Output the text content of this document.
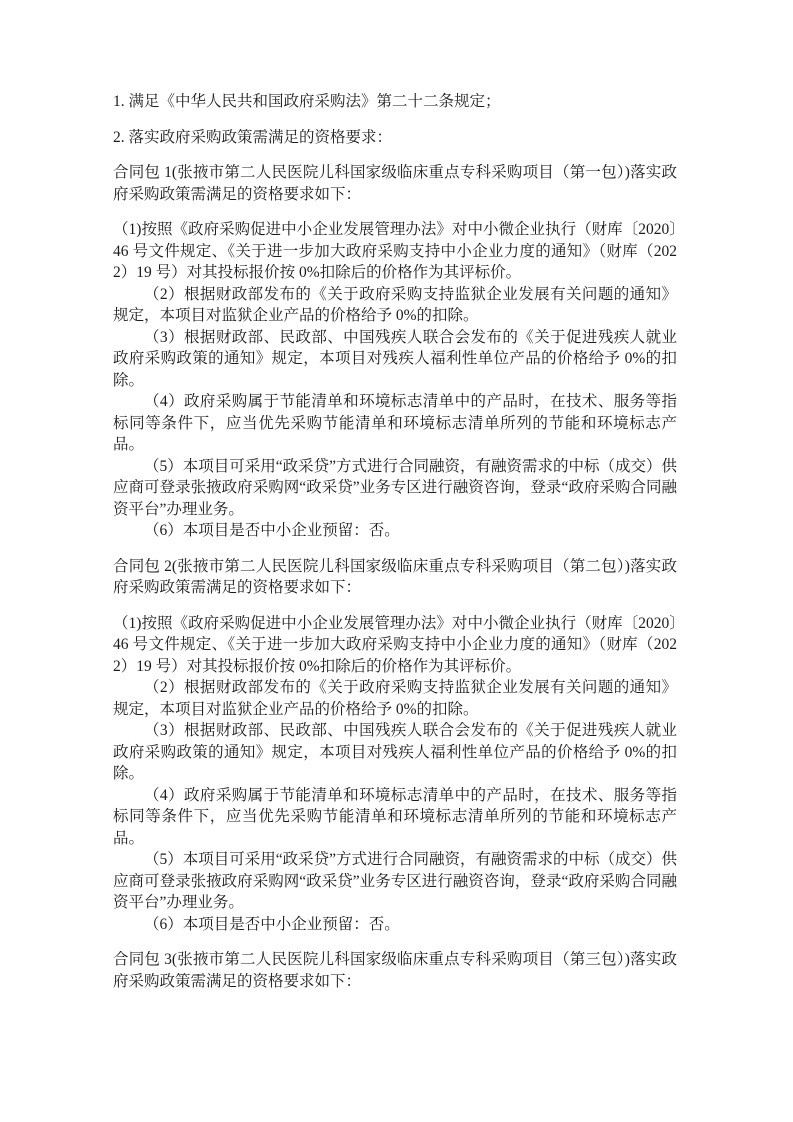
1. 满足《中华人民共和国政府采购法》第二十二条规定；

2. 落实政府采购政策需满足的资格要求：

合同包 1(张掖市第二人民医院儿科国家级临床重点专科采购项目（第一包）)落实政府采购政策需满足的资格要求如下：

（1)按照《政府采购促进中小企业发展管理办法》对中小微企业执行（财库〔2020〕46 号文件规定、《关于进一步加大政府采购支持中小企业力度的通知》（财库（2022）19 号）对其投标报价按 0%扣除后的价格作为其评标价。

（2）根据财政部发布的《关于政府采购支持监狱企业发展有关问题的通知》规定，本项目对监狱企业产品的价格给予 0%的扣除。

（3）根据财政部、民政部、中国残疾人联合会发布的《关于促进残疾人就业政府采购政策的通知》规定，本项目对残疾人福利性单位产品的价格给予 0%的扣除。

（4）政府采购属于节能清单和环境标志清单中的产品时，在技术、服务等指标同等条件下，应当优先采购节能清单和环境标志清单所列的节能和环境标志产品。

（5）本项目可采用“政采贷”方式进行合同融资，有融资需求的中标（成交）供应商可登录张掖政府采购网“政采贷”业务专区进行融资咨询，登录“政府采购合同融资平台”办理业务。

（6）本项目是否中小企业预留：否。

合同包 2(张掖市第二人民医院儿科国家级临床重点专科采购项目（第二包）)落实政府采购政策需满足的资格要求如下：

（1)按照《政府采购促进中小企业发展管理办法》对中小微企业执行（财库〔2020〕46 号文件规定、《关于进一步加大政府采购支持中小企业力度的通知》（财库（2022）19 号）对其投标报价按 0%扣除后的价格作为其评标价。

（2）根据财政部发布的《关于政府采购支持监狱企业发展有关问题的通知》规定，本项目对监狱企业产品的价格给予 0%的扣除。

（3）根据财政部、民政部、中国残疾人联合会发布的《关于促进残疾人就业政府采购政策的通知》规定，本项目对残疾人福利性单位产品的价格给予 0%的扣除。

（4）政府采购属于节能清单和环境标志清单中的产品时，在技术、服务等指标同等条件下，应当优先采购节能清单和环境标志清单所列的节能和环境标志产品。

（5）本项目可采用“政采贷”方式进行合同融资，有融资需求的中标（成交）供应商可登录张掖政府采购网“政采贷”业务专区进行融资咨询，登录“政府采购合同融资平台”办理业务。

（6）本项目是否中小企业预留：否。

合同包 3(张掖市第二人民医院儿科国家级临床重点专科采购项目（第三包）)落实政府采购政策需满足的资格要求如下：
